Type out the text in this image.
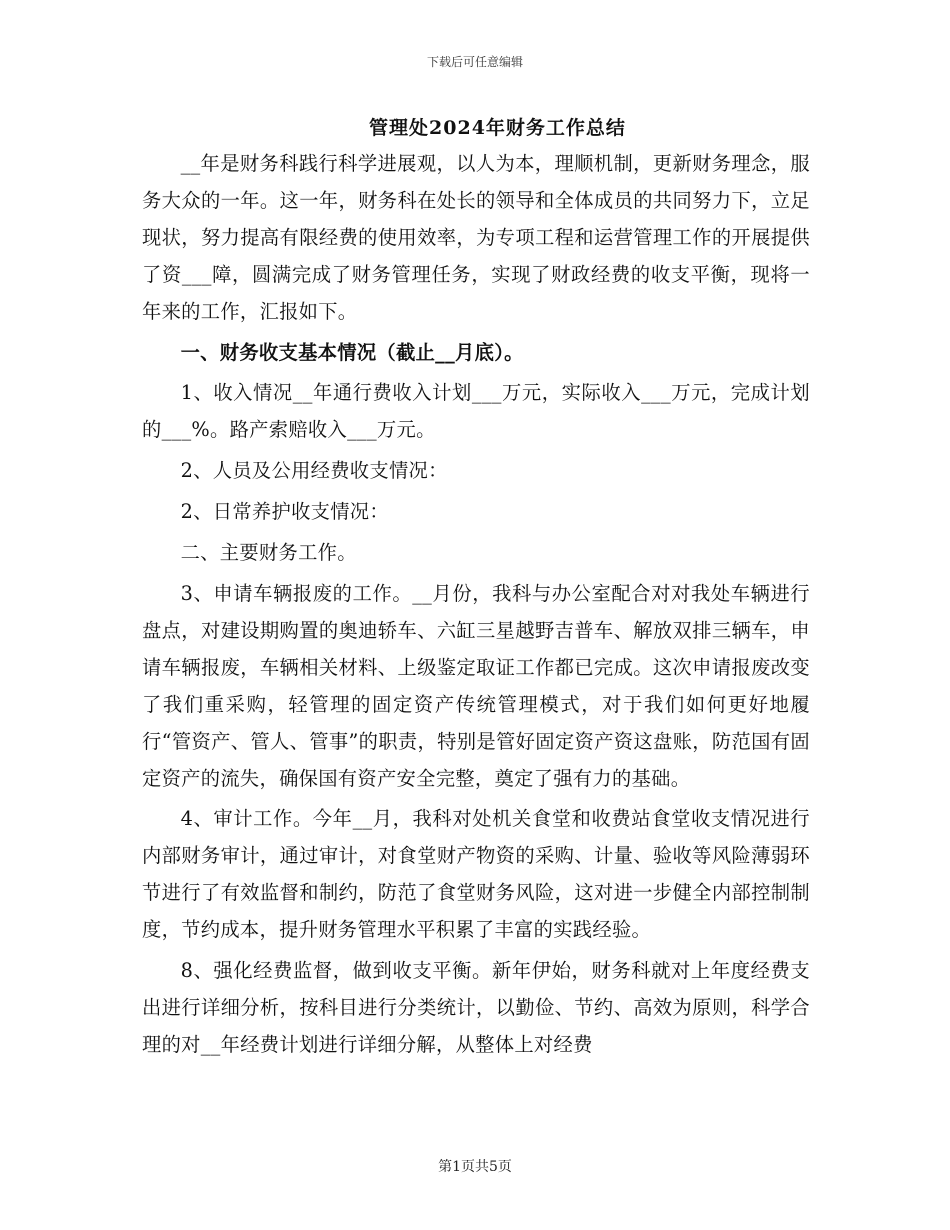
下载后可任意编辑
管理处2024年财务工作总结

__年是财务科践行科学进展观，以人为本，理顺机制，更新财务理念，服务大众的一年。这一年，财务科在处长的领导和全体成员的共同努力下，立足现状，努力提高有限经费的使用效率，为专项工程和运营管理工作的开展提供了资___障，圆满完成了财务管理任务，实现了财政经费的收支平衡，现将一年来的工作，汇报如下。

一、财务收支基本情况（截止__月底）。

1、收入情况__年通行费收入计划___万元，实际收入___万元，完成计划的___%。路产索赔收入___万元。

2、人员及公用经费收支情况：

2、日常养护收支情况：

二、主要财务工作。

3、申请车辆报废的工作。__月份，我科与办公室配合对对我处车辆进行盘点，对建设期购置的奥迪轿车、六缸三星越野吉普车、解放双排三辆车，申请车辆报废，车辆相关材料、上级鉴定取证工作都已完成。这次申请报废改变了我们重采购，轻管理的固定资产传统管理模式，对于我们如何更好地履行“管资产、管人、管事”的职责，特别是管好固定资产资这盘账，防范国有固定资产的流失，确保国有资产安全完整，奠定了强有力的基础。

4、审计工作。今年__月，我科对处机关食堂和收费站食堂收支情况进行内部财务审计，通过审计，对食堂财产物资的采购、计量、验收等风险薄弱环节进行了有效监督和制约，防范了食堂财务风险，这对进一步健全内部控制制度，节约成本，提升财务管理水平积累了丰富的实践经验。

8、强化经费监督，做到收支平衡。新年伊始，财务科就对上年度经费支出进行详细分析，按科目进行分类统计，以勤俭、节约、高效为原则，科学合理的对__年经费计划进行详细分解，从整体上对经费

第1页共5页
